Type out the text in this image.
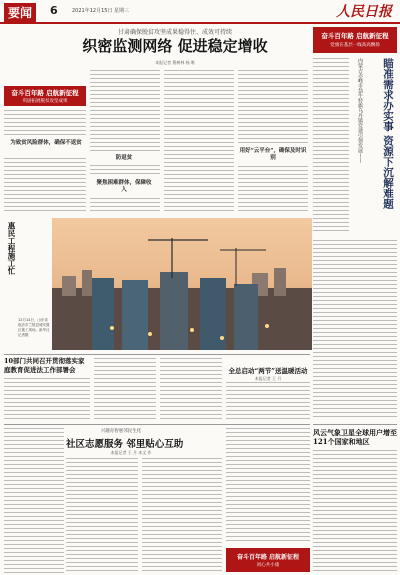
要闻	6	2021年12月15日 星期三	人民日报
甘肃确保脱贫攻坚成果稳得住、成效可持续
织密监测网络 促进稳定增收
本报记者 曹树林 杨 唯
奋斗百年路 启航新征程
巩固拓展脱贫攻坚成果
为致贫风险群体，确保不返贫
防返贫
聚焦困难群体，保障收入
用好“云平台”，确保及时识别
奋斗百年路 启航新征程
党旗在基层一线高高飘扬
内蒙古赤峰市翁牛特旗乌丹镇党建引领发展——	瞄准需求办实事 资源下沉解难题
惠民工程施工忙
12月14日，山东省临沂市兰陵县城安置区施工现场。新华社记者摄
10部门共同召开贯彻落实家庭教育促进法工作部署会	全总启动“两节”送温暖活动
本报记者 王 月
兴趣育智惠邻民生化
社区志愿服务 邻里贴心互助
本报记者 王 月 本文 作
风云气象卫星全球用户增至121个国家和地区
奋斗百年路 启航新征程
同心共小康
